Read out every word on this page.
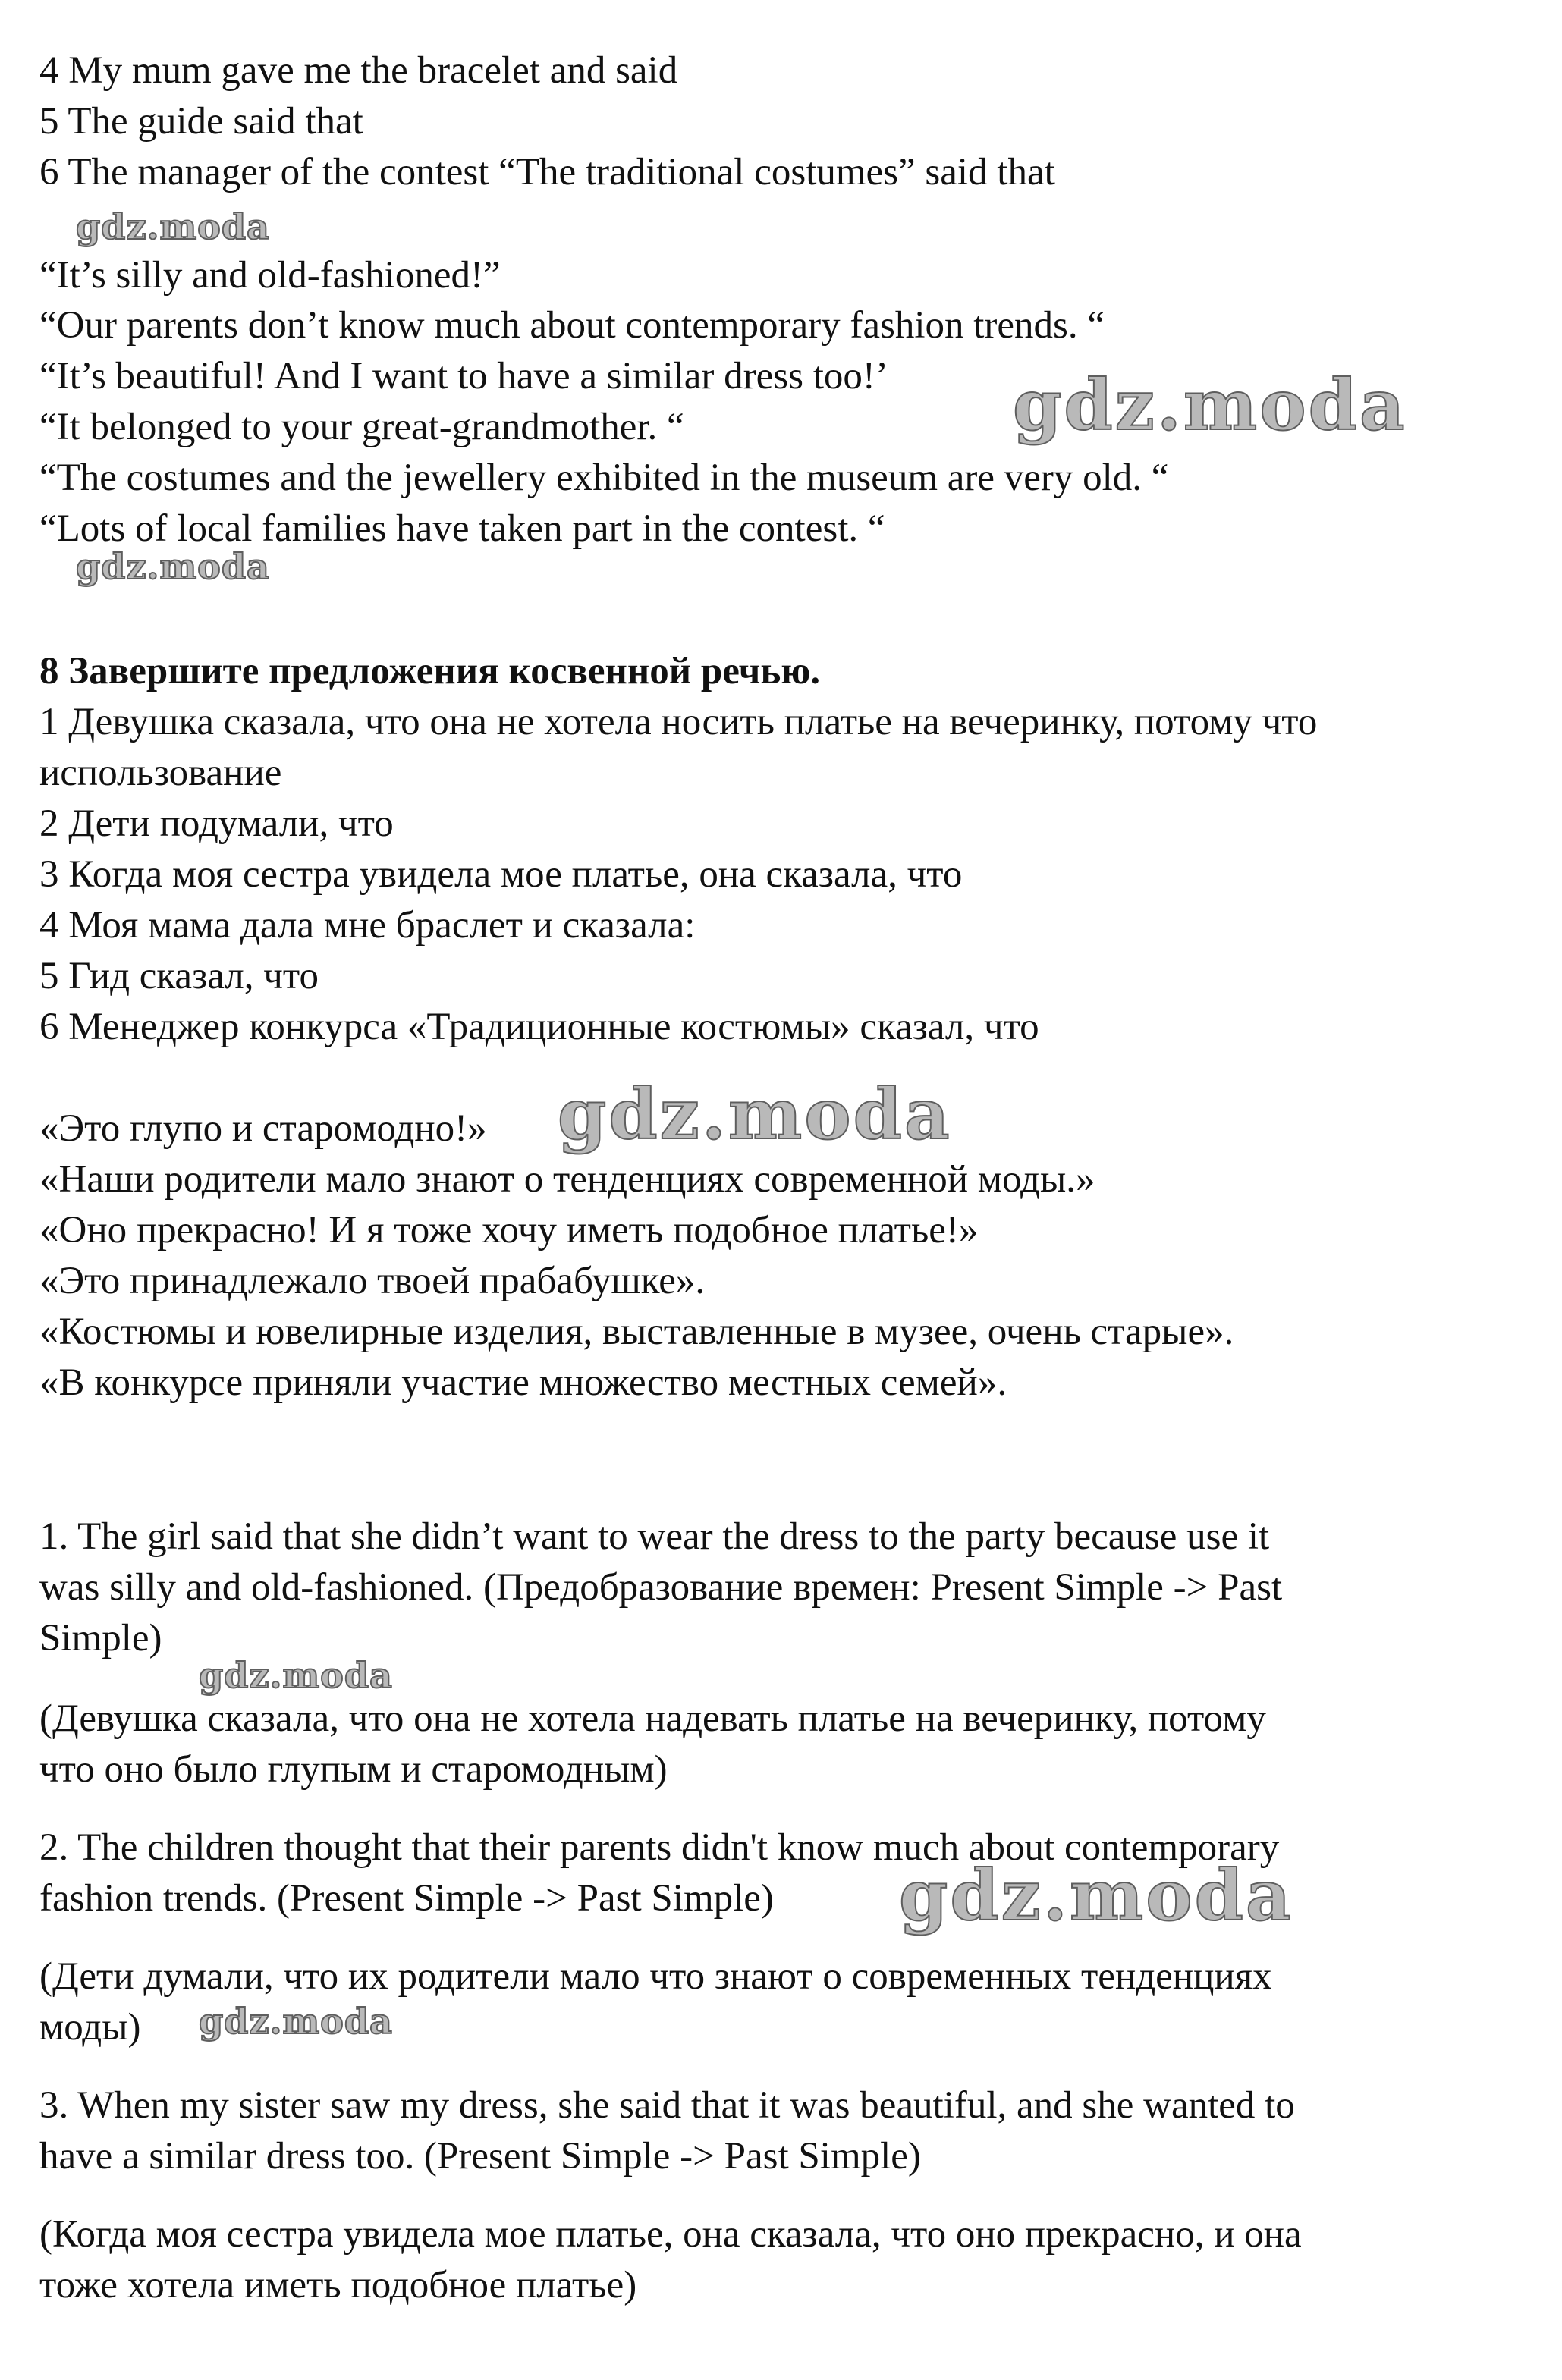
4 My mum gave me the bracelet and said
5 The guide said that
6 The manager of the contest “The traditional costumes” said that
gdz.moda
“It’s silly and old-fashioned!”
“Our parents don’t know much about contemporary fashion trends. “
“It’s beautiful! And I want to have a similar dress too!’
“It belonged to your great-grandmother. “	gdz.moda
“The costumes and the jewellery exhibited in the museum are very old. “
“Lots of local families have taken part in the contest. “
gdz.moda
8 Завершите предложения косвенной речью.
1 Девушка сказала, что она не хотела носить платье на вечеринку, потому что
использование
2 Дети подумали, что
3 Когда моя сестра увидела мое платье, она сказала, что
4 Моя мама дала мне браслет и сказала:
5 Гид сказал, что
6 Менеджер конкурса «Традиционные костюмы» сказал, что
«Это глупо и старомодно!» gdz.moda
«Наши родители мало знают о тенденциях современной моды.»
«Оно прекрасно! И я тоже хочу иметь подобное платье!»
«Это принадлежало твоей прабабушке».
«Костюмы и ювелирные изделия, выставленные в музее, очень старые».
«В конкурсе приняли участие множество местных семей».
1. The girl said that she didn’t want to wear the dress to the party because use it
was silly and old-fashioned. (Предобразование времен: Present Simple -> Past
Simple)
gdz.moda
(Девушка сказала, что она не хотела надевать платье на вечеринку, потому
что оно было глупым и старомодным)
2. The children thought that their parents didn't know much about contemporary
fashion trends. (Present Simple -> Past Simple) gdz.moda
(Дети думали, что их родители мало что знают о современных тенденциях
моды) gdz.moda
3. When my sister saw my dress, she said that it was beautiful, and she wanted to
have a similar dress too. (Present Simple -> Past Simple)
(Когда моя сестра увидела мое платье, она сказала, что оно прекрасно, и она
тоже хотела иметь подобное платье)
